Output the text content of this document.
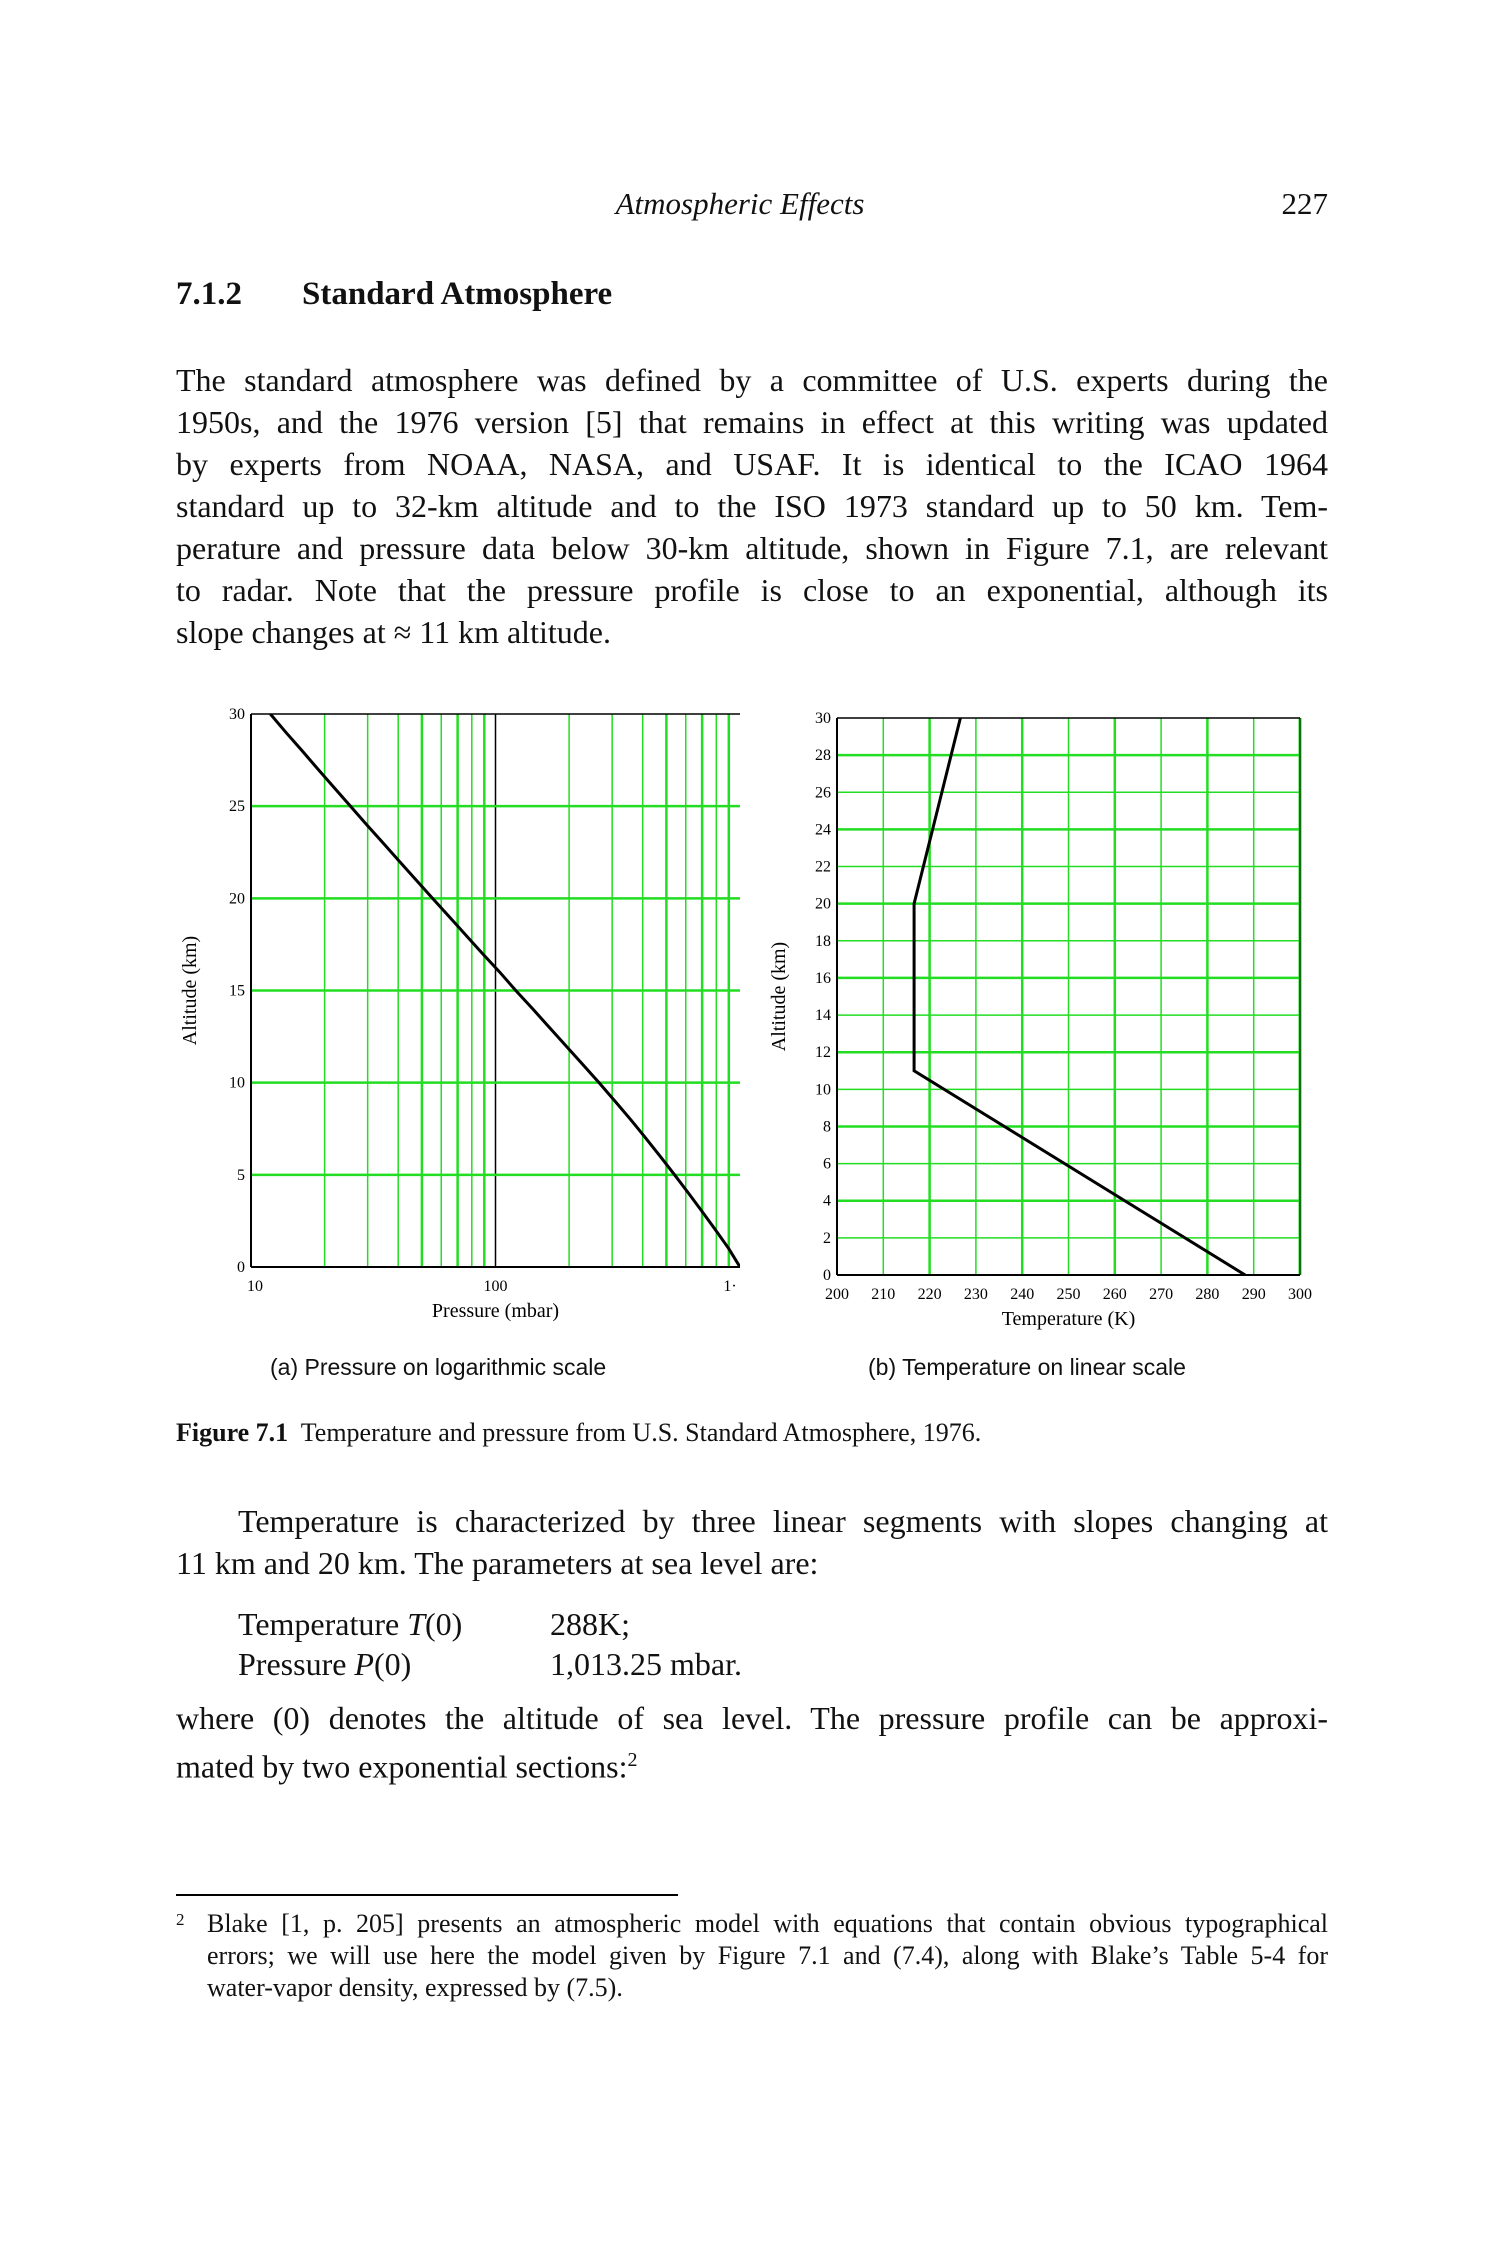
Atmospheric Effects	227
7.1.2 Standard Atmosphere
The standard atmosphere was defined by a committee of U.S. experts during the
1950s, and the 1976 version [5] that remains in effect at this writing was updated
by experts from NOAA, NASA, and USAF. It is identical to the ICAO 1964
standard up to 32-km altitude and to the ISO 1973 standard up to 50 km. Tem-
perature and pressure data below 30-km altitude, shown in Figure 7.1, are relevant
to radar. Note that the pressure profile is close to an exponential, although its
slope changes at ≈ 11 km altitude.
0
5
10
15
20
25
30
10	100	1·
Pressure (mbar)
Altitude (km)
0
2
4
6
8
10
12
14
16
18
20
22
24
26
28
30
200 210 220 230 240 250 260 270 280 290 300
Temperature (K)
Altitude (km)
(a) Pressure on logarithmic scale	(b) Temperature on linear scale
Figure 7.1 Temperature and pressure from U.S. Standard Atmosphere, 1976.
Temperature is characterized by three linear segments with slopes changing at
11 km and 20 km. The parameters at sea level are:
Temperature T(0)	288K;
Pressure P(0)	1,013.25 mbar.
where (0) denotes the altitude of sea level. The pressure profile can be approxi-
mated by two exponential sections:$^2$
2 Blake [1, p. 205] presents an atmospheric model with equations that contain obvious typographical
errors; we will use here the model given by Figure 7.1 and (7.4), along with Blake’s Table 5-4 for
water-vapor density, expressed by (7.5).
